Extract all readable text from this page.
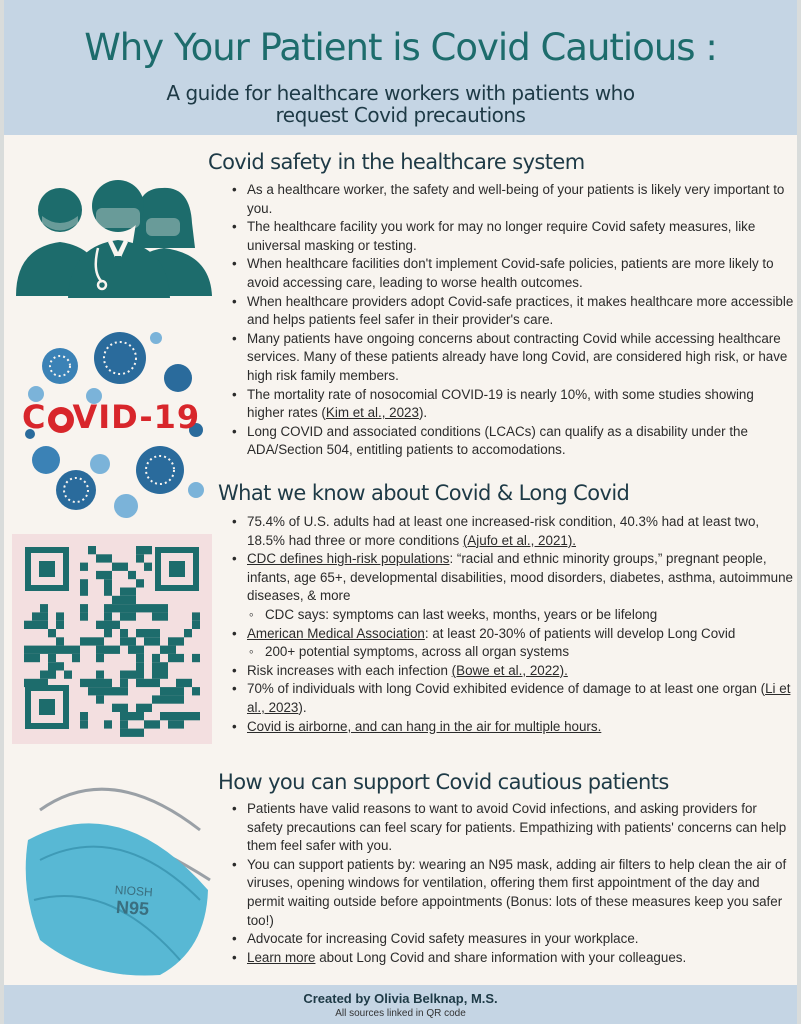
Why Your Patient is Covid Cautious :
A guide for healthcare workers with patients who
request Covid precautions
C VID-19
NIOSH
N95
Covid safety in the healthcare system
• As a healthcare worker, the safety and well-being of your patients is likely very important to you.
• The healthcare facility you work for may no longer require Covid safety measures, like universal masking or testing.
• When healthcare facilities don't implement Covid-safe policies, patients are more likely to avoid accessing care, leading to worse health outcomes.
• When healthcare providers adopt Covid-safe practices, it makes healthcare more accessible and helps patients feel safer in their provider's care.
• Many patients have ongoing concerns about contracting Covid while accessing healthcare services. Many of these patients already have long Covid, are considered high risk, or have high risk family members.
• The mortality rate of nosocomial COVID-19 is nearly 10%, with some studies showing higher rates (Kim et al., 2023).
• Long COVID and associated conditions (LCACs) can qualify as a disability under the ADA/Section 504, entitling patients to accomodations.
What we know about Covid & Long Covid
• 75.4% of U.S. adults had at least one increased-risk condition, 40.3% had at least two, 18.5% had three or more conditions (Ajufo et al., 2021).
• CDC defines high-risk populations: “racial and ethnic minority groups,” pregnant people, infants, age 65+, developmental disabilities, mood disorders, diabetes, asthma, autoimmune diseases, & more
◦ CDC says: symptoms can last weeks, months, years or be lifelong
• American Medical Association: at least 20-30% of patients will develop Long Covid
◦ 200+ potential symptoms, across all organ systems
• Risk increases with each infection (Bowe et al., 2022).
• 70% of individuals with long Covid exhibited evidence of damage to at least one organ (Li et al., 2023).
• Covid is airborne, and can hang in the air for multiple hours.
How you can support Covid cautious patients
• Patients have valid reasons to want to avoid Covid infections, and asking providers for safety precautions can feel scary for patients. Empathizing with patients' concerns can help them feel safer with you.
• You can support patients by: wearing an N95 mask, adding air filters to help clean the air of viruses, opening windows for ventilation, offering them first appointment of the day and permit waiting outside before appointments (Bonus: lots of these measures keep you safer too!)
• Advocate for increasing Covid safety measures in your workplace.
• Learn more about Long Covid and share information with your colleagues.
Created by Olivia Belknap, M.S.
All sources linked in QR code
